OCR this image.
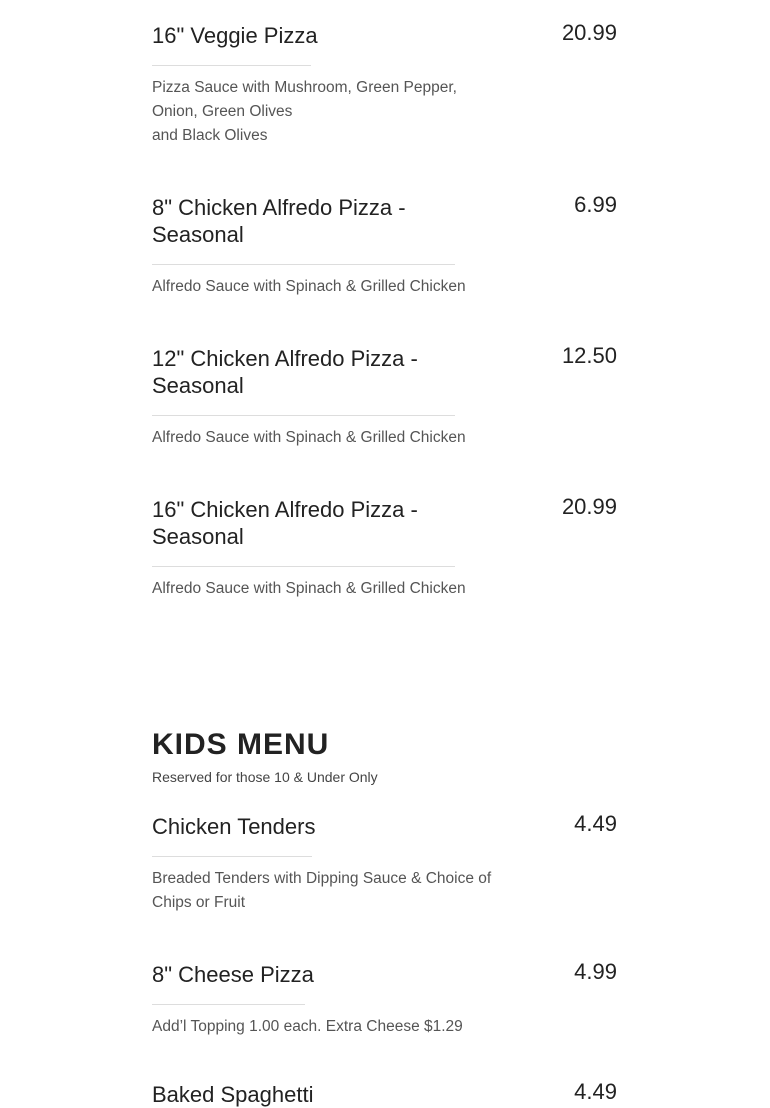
16" Veggie Pizza
Pizza Sauce with Mushroom, Green Pepper,
Onion, Green Olives
and Black Olives
20.99
8" Chicken Alfredo Pizza - Seasonal
Alfredo Sauce with Spinach & Grilled Chicken
6.99
12" Chicken Alfredo Pizza - Seasonal
Alfredo Sauce with Spinach & Grilled Chicken
12.50
16" Chicken Alfredo Pizza - Seasonal
Alfredo Sauce with Spinach & Grilled Chicken
20.99
KIDS MENU
Reserved for those 10 & Under Only
Chicken Tenders
Breaded Tenders with Dipping Sauce & Choice of
Chips or Fruit
4.49
8" Cheese Pizza
Add’l Topping 1.00 each. Extra Cheese $1.29
4.99
Baked Spaghetti	4.49
